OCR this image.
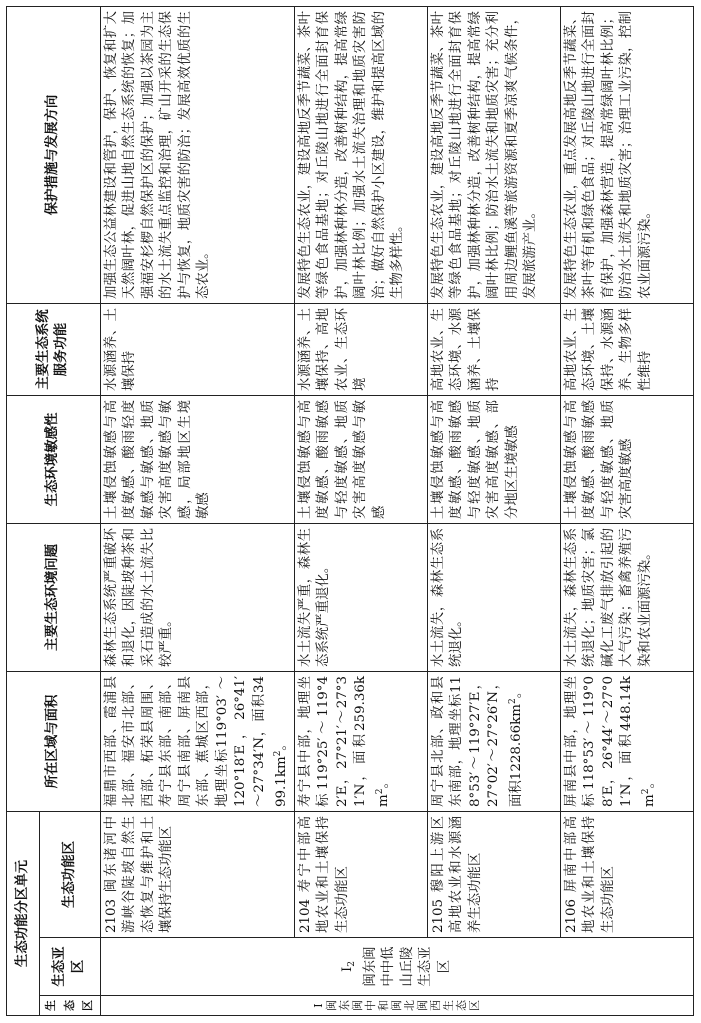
生态功能分区单元			所在区域与面积	主要生态环境问题	生态环境敏感性	主要生态系统服务功能	保护措施与发展方向
生态区	生态亚区	生态功能区					
Ⅰ闽东闽中和闽北闽西生态区	Ⅰ2 闽东闽中中低山丘陵生态亚区	2103 闽东诸河中游峡谷陡坡自然生态恢复与维护和土壤保持生态功能区	福鼎市西部、霞浦县北部、福安市北部、西部、柘荣县周围、寿宁县东部、南部、周宁县南部、屏南县东部、蕉城区西部，地理坐标119°03′ ～ 120°18′E，26°41′～27°34′N，面积$3499.1km^2$。	森林生态系统严重破坏和退化，因陡坡种茶和采石造成的水土流失比较严重。	土壤侵蚀敏感与高度敏感、酸雨轻度敏感与敏感、地质灾害高度敏感与敏感，局部地区生境敏感	水源涵养、土壤保持	加强生态公益林建设和管护，保护、恢复和扩大天然阔叶林，促进山地自然生态系统的恢复；加强福安杉椤自然保护区的保护；加强以茶园为主的水土流失重点监控和治理，矿山开采的生态保护与恢复，地质灾害的防治；发展高效优质的生态农业。
		2104 寿宁中部高地农业和土壤保持生态功能区	寿宁县中部，地理坐标119°25′～119°42′E，27°21′～27°31′N，面积$259.36km^2$。	水土流失严重，森林生态系统严重退化。	土壤侵蚀敏感与高度敏感、酸雨敏感与轻度敏感、地质灾害高度敏感与敏感	水源涵养、土壤保持、高地农业、生态环境	发展特色生态农业，建设高地反季节蔬菜、茶叶等绿色食品基地；对丘陵山地进行全面封育保护，加强林种林分造，改善树种结构，提高常绿阔叶林比例；加强水土流失治理和地质灾害防治；做好自然保护小区建设，维护和提高区域的生物多样性。
		2105 穆阳上游区高地农业和水源涵养生态功能区	周宁县北部、政和县东南部，地理坐标118°53′～119°27′E，27°02′～27°26′N，面积$1228.66km^2$。	水土流失，森林生态系统退化。	土壤侵蚀敏感与高度敏感、酸雨敏感与轻度敏感、地质灾害高度敏感、部分地区生境敏感	高地农业、生态环境、水源涵养、土壤保持	发展特色生态农业，建设高地反季节蔬菜、茶叶等绿色食品基地；对丘陵山地进行全面封育保护，加强林种林分造，改善树种结构，提高常绿阔叶林比例；防治水土流失和地质灾害；充分利用周边鲤鱼溪等旅游资源和夏季凉爽气候条件，发展旅游产业。
		2106 屏南中部高地农业和土壤保持生态功能区	屏南县中部，地理坐标118°53′～119°08′E，26°44′～27°01′N，面积$448.14km^2$。	水土流失，森林生态系统退化；地质灾害；氯碱化工废气排放引起的大气污染；畜禽养殖污染和农业面源污染。	土壤侵蚀敏感与高度敏感、酸雨敏感与轻度敏感、地质灾害高度敏感	高地农业、生态环境、土壤保持、水源涵养、生物多样性维持	发展特色生态农业，重点发展高地反季节蔬菜、茶叶等有机和绿色食品；对丘陵山地进行全面封育保护，加强森林营造，提高常绿阔叶林比例；防治水土流失和地质灾害；治理工业污染，控制农业面源污染。
